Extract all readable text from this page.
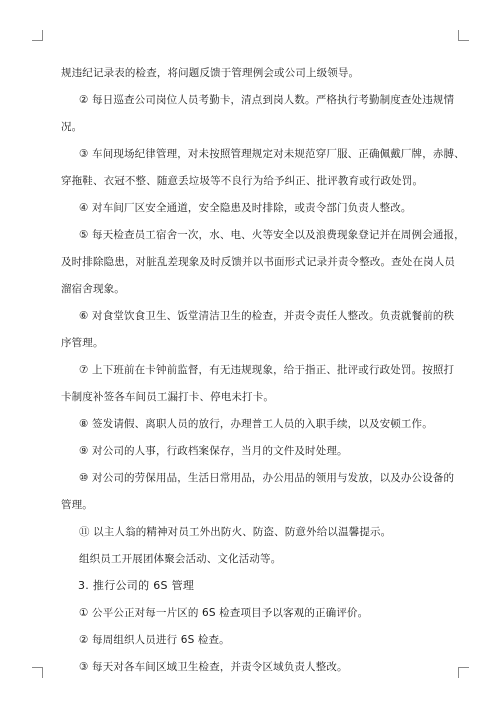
规违纪记录表的检查，将问题反馈于管理例会或公司上级领导。
② 每日巡查公司岗位人员考勤卡，清点到岗人数。严格执行考勤制度查处违规情
况。
③ 车间现场纪律管理，对未按照管理规定对未规范穿厂服、正确佩戴厂牌，赤膊、
穿拖鞋、衣冠不整、随意丢垃圾等不良行为给予纠正、批评教育或行政处罚。
④ 对车间厂区安全通道，安全隐患及时排除，或责令部门负责人整改。
⑤ 每天检查员工宿舍一次，水、电、火等安全以及浪费现象登记并在周例会通报，
及时排除隐患，对脏乱差现象及时反馈并以书面形式记录并责令整改。查处在岗人员
溜宿舍现象。
⑥ 对食堂饮食卫生、饭堂清洁卫生的检查，并责令责任人整改。负责就餐前的秩
序管理。
⑦ 上下班前在卡钟前监督，有无违规现象，给于指正、批评或行政处罚。按照打
卡制度补签各车间员工漏打卡、停电未打卡。
⑧ 签发请假、离职人员的放行，办理普工人员的入职手续，以及安顿工作。
⑨ 对公司的人事，行政档案保存，当月的文件及时处理。
⑩ 对公司的劳保用品，生活日常用品，办公用品的领用与发放，以及办公设备的
管理。
⑪ 以主人翁的精神对员工外出防火、防盗、防意外给以温馨提示。
组织员工开展团体聚会活动、文化活动等。
3. 推行公司的 6S 管理
① 公平公正对每一片区的 6S 检查项目予以客观的正确评价。
② 每周组织人员进行 6S 检查。
③ 每天对各车间区域卫生检查，并责令区域负责人整改。
